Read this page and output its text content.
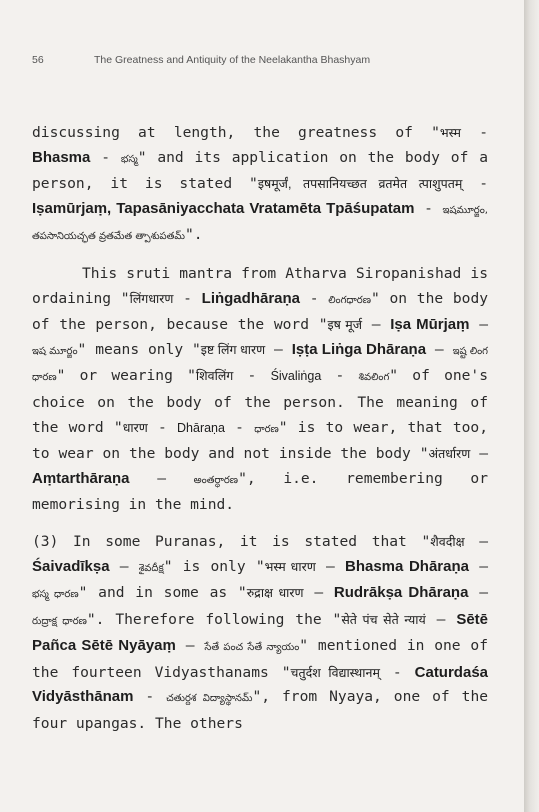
56	The Greatness and Antiquity of the Neelakantha Bhashyam

discussing at length, the greatness of "भस्म - Bhasma - భస్మ" and its application on the body of a person, it is stated "इषमूर्जं, तपसानियच्छत व्रतमेत त्पाशुपतम् - Iṣamūrjaṃ, Tapasāniyacchata Vratamēta Tpāśupatam - ఇషమూర్జం, తపసానియచ్ఛత వ్రతమేత త్పాశుపతమ్".

This sruti mantra from Atharva Siropanishad is ordaining "लिंगधारण - Liṅgadhāraṇa - లింగధారణ" on the body of the person, because the word "इष मूर्ज – Iṣa Mūrjaṃ – ఇష మూర్జం" means only "इष्ट लिंग धारण – Iṣṭa Liṅga Dhāraṇa – ఇష్ట లింగ ధారణ" or wearing "शिवलिंग - Śivaliṅga - శివలింగ" of one's choice on the body of the person. The meaning of the word "धारण - Dhāraṇa - ధారణ" is to wear, that too, to wear on the body and not inside the body "अंतर्धारण – Aṃtarthāraṇa – అంతర్ధారణ", i.e. remembering or memorising in the mind.

(3) In some Puranas, it is stated that "शैवदीक्ष – Śaivadīkṣa – శైవదీక్ష" is only "भस्म धारण – Bhasma Dhāraṇa – భస్మ ధారణ" and in some as "रुद्राक्ष धारण – Rudrākṣa Dhāraṇa – రుద్రాక్ష ధారణ". Therefore following the "सेते पंच सेते न्यायं – Sētē Pañca Sētē Nyāyaṃ – సేతే పంచ సేతే న్యాయం" mentioned in one of the fourteen Vidyasthanams "चतुर्दश विद्यास्थानम् - Caturdaśa Vidyāsthānam - చతుర్దశ విద్యాస్థానమ్", from Nyaya, one of the four upangas. The others
